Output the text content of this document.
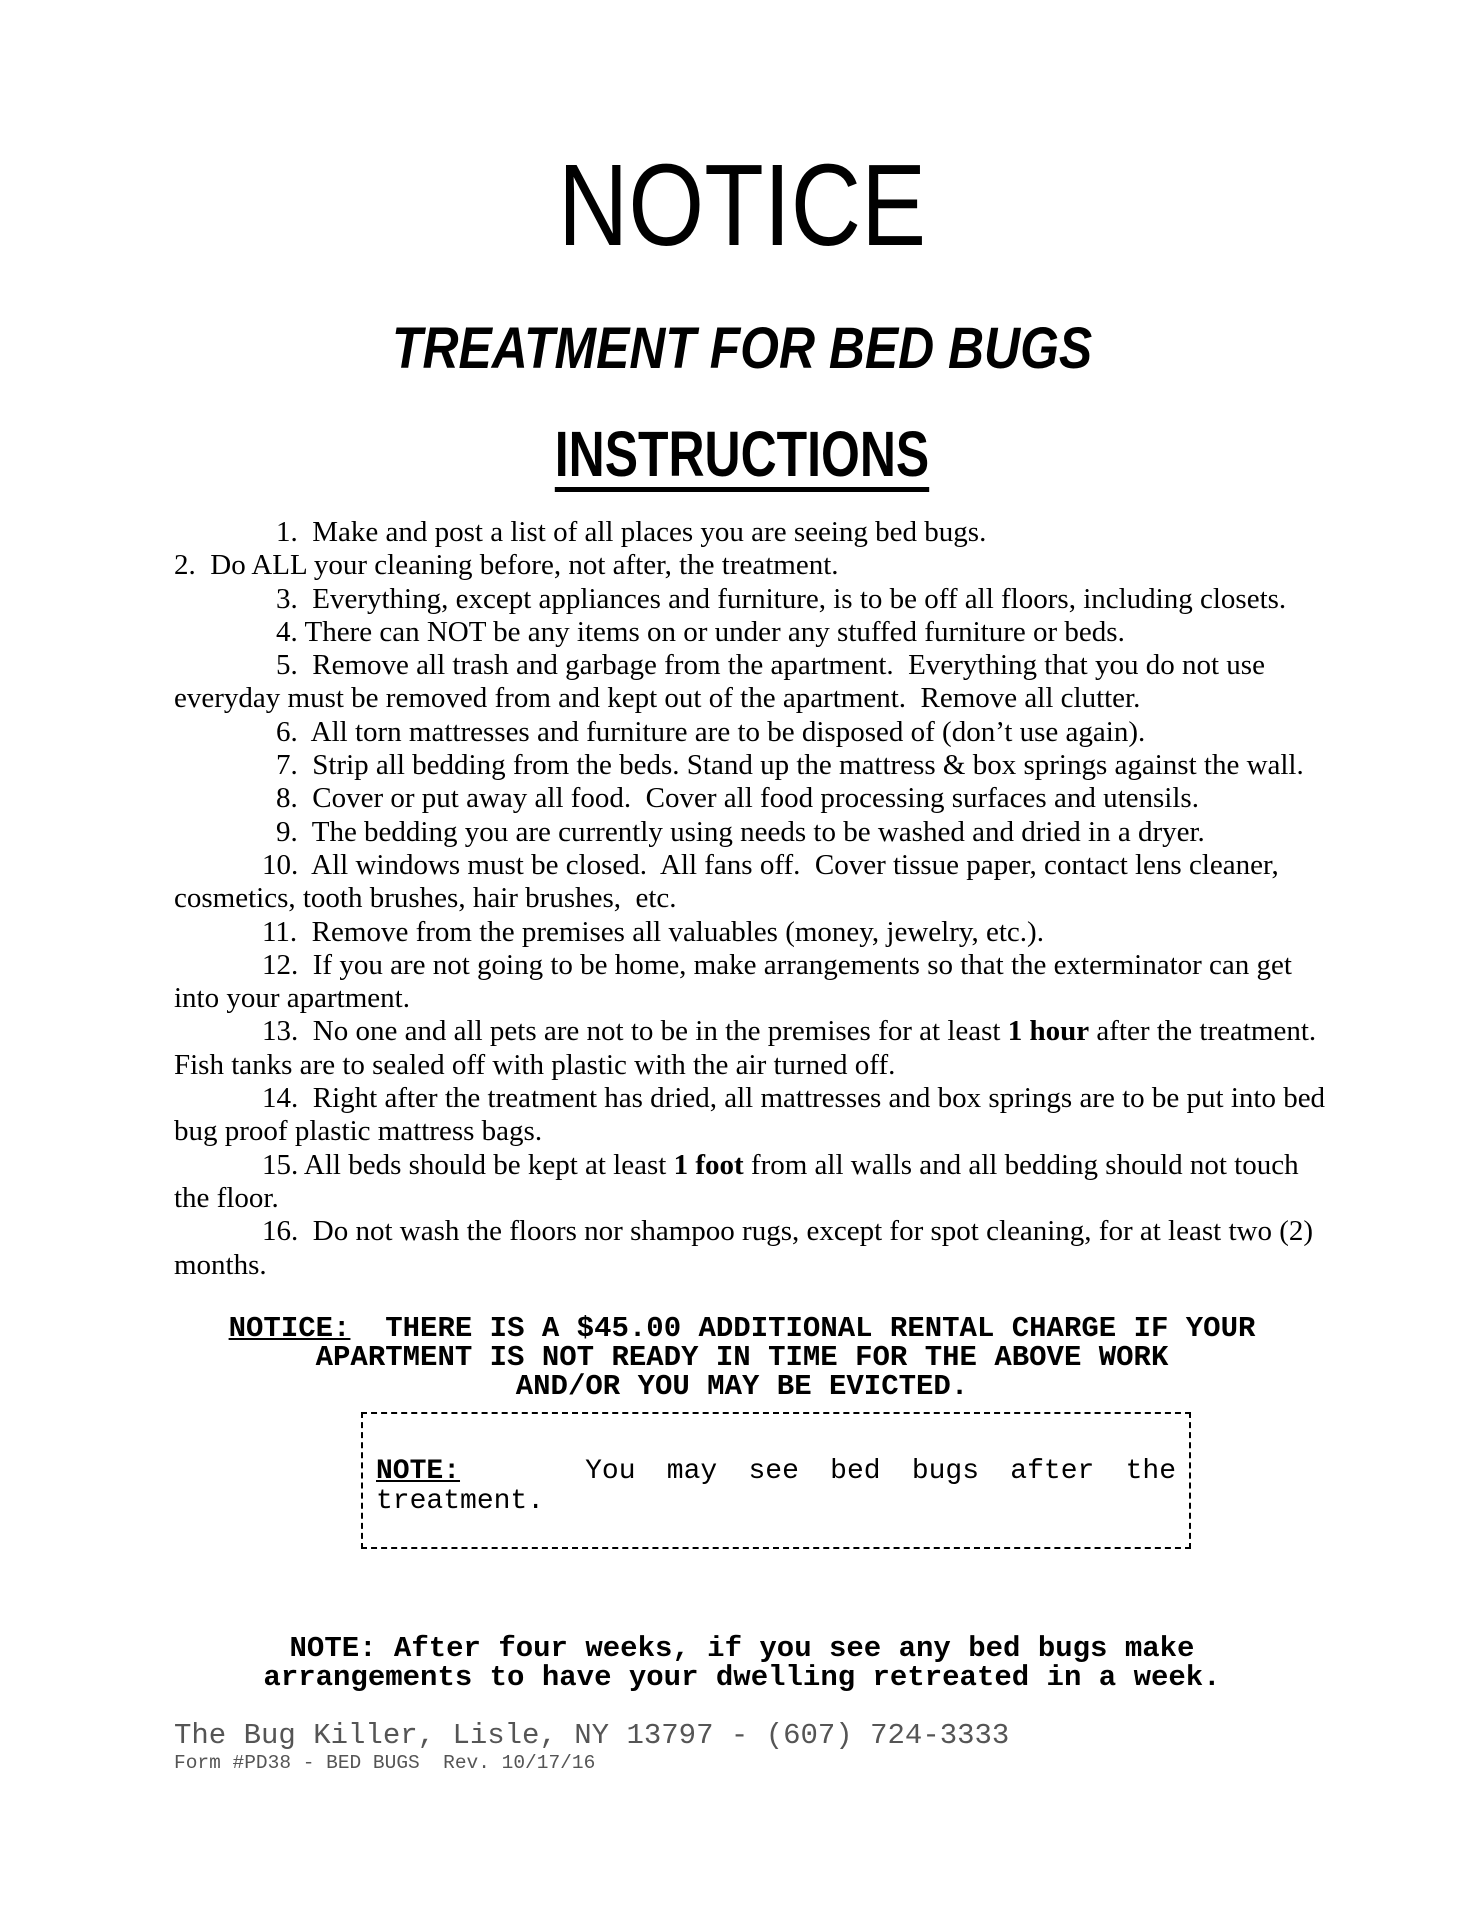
NOTICE
TREATMENT FOR BED BUGS
INSTRUCTIONS
1.  Make and post a list of all places you are seeing bed bugs.
2.  Do ALL your cleaning before, not after, the treatment.
3.  Everything, except appliances and furniture, is to be off all floors, including closets.
4. There can NOT be any items on or under any stuffed furniture or beds.
5.  Remove all trash and garbage from the apartment.  Everything that you do not use
everyday must be removed from and kept out of the apartment.  Remove all clutter.
6.  All torn mattresses and furniture are to be disposed of (don’t use again).
7.  Strip all bedding from the beds. Stand up the mattress & box springs against the wall.
8.  Cover or put away all food.  Cover all food processing surfaces and utensils.
9.  The bedding you are currently using needs to be washed and dried in a dryer.
10.  All windows must be closed.  All fans off.  Cover tissue paper, contact lens cleaner,
cosmetics, tooth brushes, hair brushes,  etc.
11.  Remove from the premises all valuables (money, jewelry, etc.).
12.  If you are not going to be home, make arrangements so that the exterminator can get
into your apartment.
13.  No one and all pets are not to be in the premises for at least 1 hour after the treatment.
Fish tanks are to sealed off with plastic with the air turned off.
14.  Right after the treatment has dried, all mattresses and box springs are to be put into bed
bug proof plastic mattress bags.
15. All beds should be kept at least 1 foot from all walls and all bedding should not touch
the floor.
16.  Do not wash the floors nor shampoo rugs, except for spot cleaning, for at least two (2)
months.
NOTICE:  THERE IS A $45.00 ADDITIONAL RENTAL CHARGE IF YOUR
APARTMENT IS NOT READY IN TIME FOR THE ABOVE WORK
AND/OR YOU MAY BE EVICTED.
NOTE:	You may see bed bugs after the treatment.
NOTE: After four weeks, if you see any bed bugs make
arrangements to have your dwelling retreated in a week.
The Bug Killer, Lisle, NY 13797 - (607) 724-3333
Form #PD38 - BED BUGS  Rev. 10/17/16
